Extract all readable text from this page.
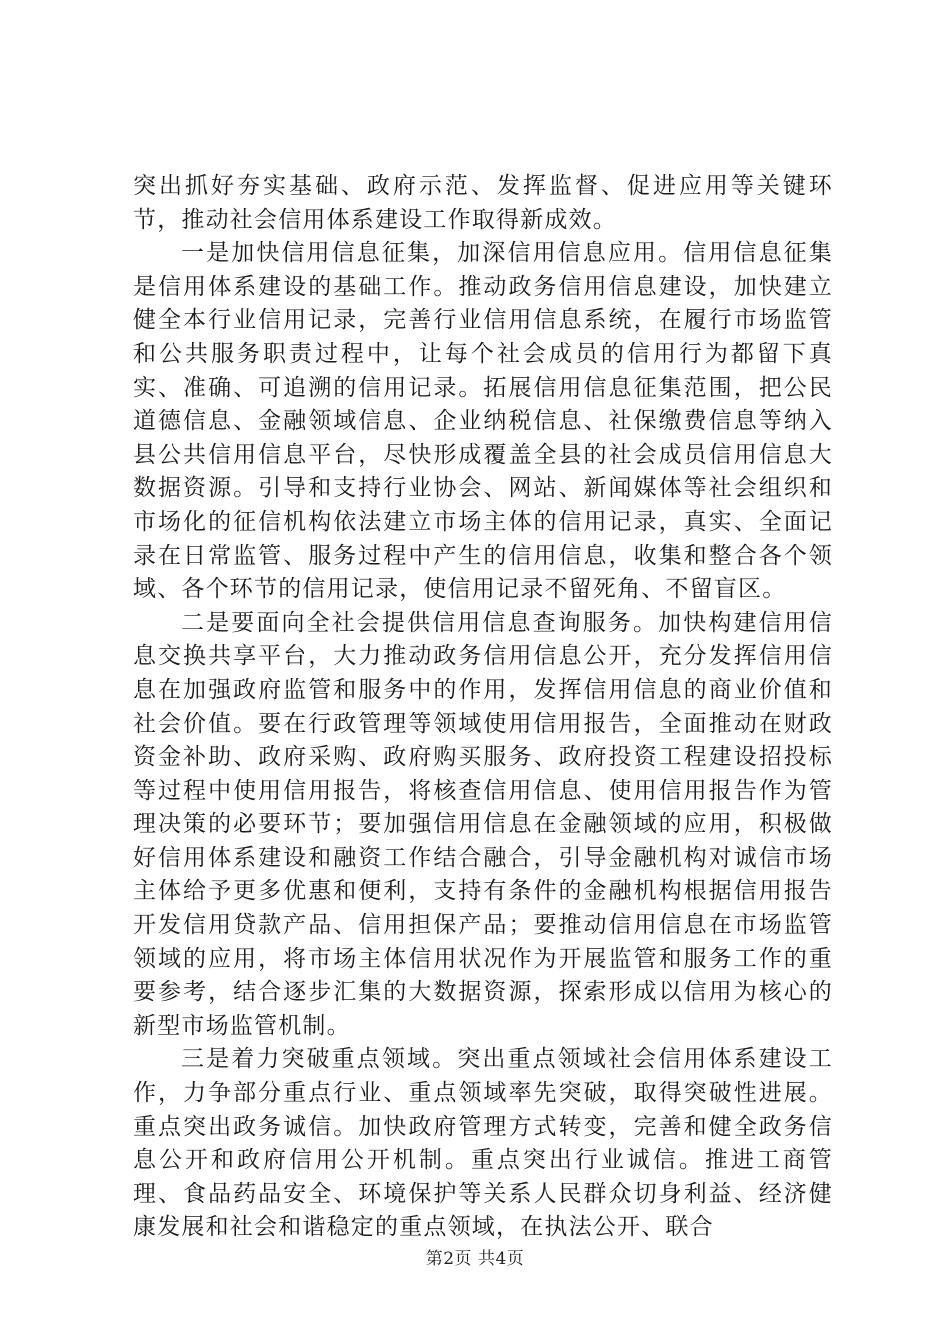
突出抓好夯实基础、政府示范、发挥监督、促进应用等关键环节，推动社会信用体系建设工作取得新成效。

一是加快信用信息征集，加深信用信息应用。信用信息征集是信用体系建设的基础工作。推动政务信用信息建设，加快建立健全本行业信用记录，完善行业信用信息系统，在履行市场监管和公共服务职责过程中，让每个社会成员的信用行为都留下真实、准确、可追溯的信用记录。拓展信用信息征集范围，把公民道德信息、金融领域信息、企业纳税信息、社保缴费信息等纳入县公共信用信息平台，尽快形成覆盖全县的社会成员信用信息大数据资源。引导和支持行业协会、网站、新闻媒体等社会组织和市场化的征信机构依法建立市场主体的信用记录，真实、全面记录在日常监管、服务过程中产生的信用信息，收集和整合各个领域、各个环节的信用记录，使信用记录不留死角、不留盲区。

二是要面向全社会提供信用信息查询服务。加快构建信用信息交换共享平台，大力推动政务信用信息公开，充分发挥信用信息在加强政府监管和服务中的作用，发挥信用信息的商业价值和社会价值。要在行政管理等领域使用信用报告，全面推动在财政资金补助、政府采购、政府购买服务、政府投资工程建设招投标等过程中使用信用报告，将核查信用信息、使用信用报告作为管理决策的必要环节；要加强信用信息在金融领域的应用，积极做好信用体系建设和融资工作结合融合，引导金融机构对诚信市场主体给予更多优惠和便利，支持有条件的金融机构根据信用报告开发信用贷款产品、信用担保产品；要推动信用信息在市场监管领域的应用，将市场主体信用状况作为开展监管和服务工作的重要参考，结合逐步汇集的大数据资源，探索形成以信用为核心的新型市场监管机制。

三是着力突破重点领域。突出重点领域社会信用体系建设工作，力争部分重点行业、重点领域率先突破，取得突破性进展。重点突出政务诚信。加快政府管理方式转变，完善和健全政务信息公开和政府信用公开机制。重点突出行业诚信。推进工商管理、食品药品安全、环境保护等关系人民群众切身利益、经济健康发展和社会和谐稳定的重点领域，在执法公开、联合

第2页 共4页
